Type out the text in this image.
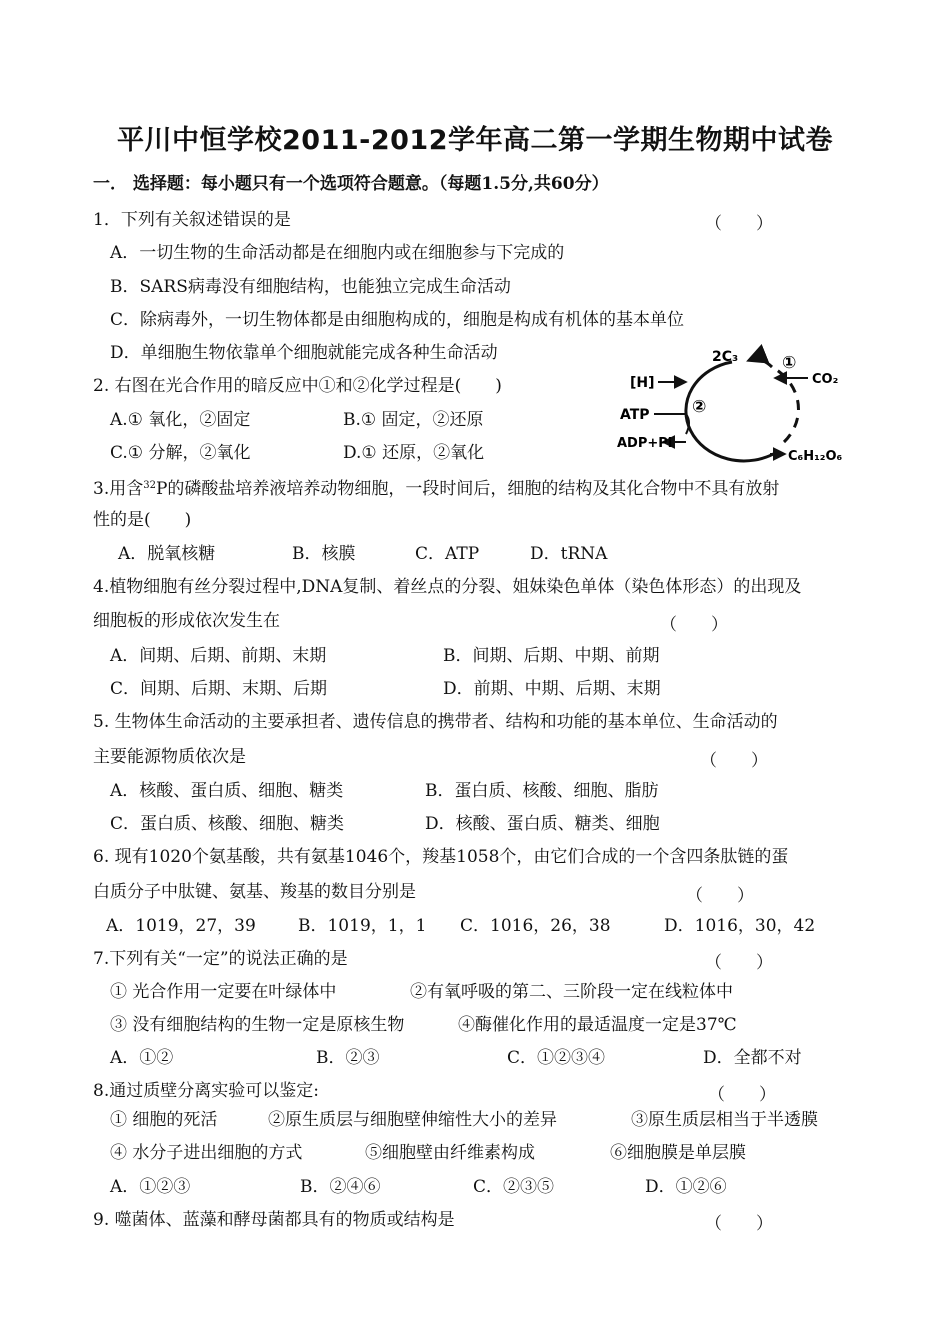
平川中恒学校2011-2012学年高二第一学期生物期中试卷
一． 选择题：每小题只有一个选项符合题意。（每题1.5分,共60分）
1．下列有关叙述错误的是	（　　）
A．一切生物的生命活动都是在细胞内或在细胞参与下完成的
B．SARS病毒没有细胞结构，也能独立完成生命活动
C．除病毒外，一切生物体都是由细胞构成的，细胞是构成有机体的基本单位
D．单细胞生物依靠单个细胞就能完成各种生命活动
2. 右图在光合作用的暗反应中①和②化学过程是(　　)
A.① 氧化，②固定	B.① 固定，②还原
C.① 分解，②氧化	D.① 还原，②氧化
2C₃	①
CO₂
[H]
②
ATP
ADP+Pi
C₆H₁₂O₆
3.用含$^{32}$P的磷酸盐培养液培养动物细胞，一段时间后，细胞的结构及其化合物中不具有放射
性的是(　　)
A．脱氧核糖	B．核膜	C．ATP	D．tRNA
4.植物细胞有丝分裂过程中,DNA复制、着丝点的分裂、姐妹染色单体（染色体形态）的出现及
细胞板的形成依次发生在	（　　）
A．间期、后期、前期、末期	B．间期、后期、中期、前期
C．间期、后期、末期、后期	D．前期、中期、后期、末期
5. 生物体生命活动的主要承担者、遗传信息的携带者、结构和功能的基本单位、生命活动的
主要能源物质依次是	（　　）
A．核酸、蛋白质、细胞、糖类	B．蛋白质、核酸、细胞、脂肪
C．蛋白质、核酸、细胞、糖类	D．核酸、蛋白质、糖类、细胞
6. 现有1020个氨基酸，共有氨基1046个，羧基1058个，由它们合成的一个含四条肽链的蛋
白质分子中肽键、氨基、羧基的数目分别是	（　　）
A．1019，27，39 B．1019，1，1 C．1016，26，38	D．1016，30，42
7.下列有关“一定”的说法正确的是	（　　）
① 光合作用一定要在叶绿体中	②有氧呼吸的第二、三阶段一定在线粒体中
③ 没有细胞结构的生物一定是原核生物	④酶催化作用的最适温度一定是37℃
A．①②	B．②③	C．①②③④	D．全都不对
8.通过质壁分离实验可以鉴定:	（　　）
① 细胞的死活	②原生质层与细胞壁伸缩性大小的差异	③原生质层相当于半透膜
④ 水分子进出细胞的方式	⑤细胞壁由纤维素构成	⑥细胞膜是单层膜
A．①②③	B．②④⑥	C．②③⑤	D．①②⑥
9. 噬菌体、蓝藻和酵母菌都具有的物质或结构是	（　　）
